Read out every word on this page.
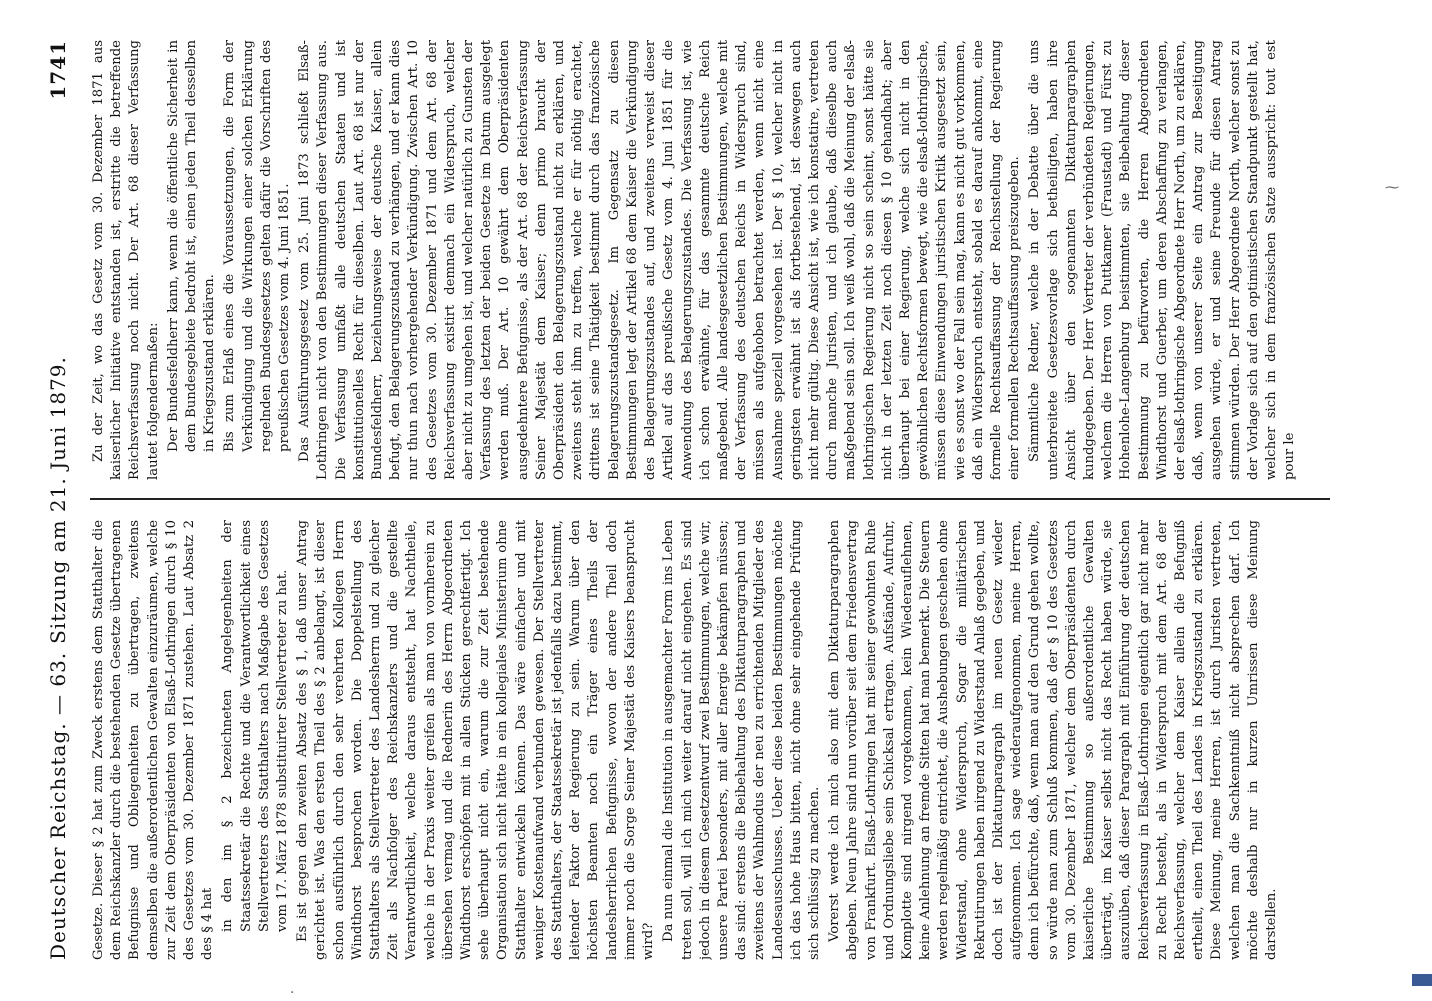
Deutscher Reichstag. — 63.
Sitzung am 21. Juni 1879.
1741

Gesetze. Dieser § 2 hat zum Zweck erstens dem Statthalter die dem Reichskanzler durch die bestehenden Gesetze übertragenen Befugnisse und Obliegenheiten zu übertragen, zweitens demselben die außerordentlichen Gewalten einzuräumen, welche zur Zeit dem Oberpräsidenten von Elsaß-Lothringen durch § 10 des Gesetzes vom 30. Dezember 1871 zustehen. Laut Absatz 2 des § 4 hat in den im § 2 bezeichneten Angelegenheiten der Staatssekretär die Rechte und die Verantwortlichkeit eines Stellvertreters des Statthalters nach Maßgabe des Gesetzes vom 17. März 1878 substituirter Stellvertreter zu hat. Es ist gegen den zweiten Absatz des § 1, daß unser Antrag gerichtet ist. Was den ersten Theil des § 2 anbelangt, ist dieser schon ausführlich durch den sehr verehrten Kollegen Herrn Windthorst besprochen worden. Die Doppelstellung des Statthalters als Stellvertreter des Landesherrn und zu gleicher Zeit als Nachfolger des Reichskanzlers und die gestellte Verantwortlichkeit, welche daraus entsteht, hat Nachtheile, welche in der Praxis weiter greifen als man von vornherein zu übersehen vermag und die Rednerin des Herrn Abgeordneten Windthorst erschöpfen mit in allen Stücken gerechtfertigt. Ich sehe überhaupt nicht ein, warum die zur Zeit bestehende Organisation sich nicht hätte in ein kollegiales Ministerium ohne Statthalter entwickeln können. Das wäre einfacher und mit weniger Kostenaufwand verbunden gewesen. Der Stellvertreter des Statthalters, der Staatssekretär ist jedenfalls dazu bestimmt, leitender Faktor der Regierung zu sein. Warum über den höchsten Beamten noch ein Träger eines Theils der landesherrlichen Befugnisse, wovon der andere Theil doch immer noch die Sorge Seiner Majestät des Kaisers beansprucht wird? Da nun einmal die Institution in ausgemachter Form ins Leben treten soll, will ich mich weiter darauf nicht eingehen. Es sind jedoch in diesem Gesetzentwurf zwei Bestimmungen, welche wir, unsere Partei besonders, mit aller Energie bekämpfen müssen; das sind: erstens die Beibehaltung des Diktaturparagraphen und zweitens der Wahlmodus der neu zu errichtenden Mitglieder des Landesausschusses. Ueber diese beiden Bestimmungen möchte ich das hohe Haus bitten, nicht ohne sehr eingehende Prüfung sich schlüssig zu machen. Vorerst werde ich mich also mit dem Diktaturparagraphen abgeben. Neun Jahre sind nun vorüber seit dem Friedensvertrag von Frankfurt. Elsaß-Lothringen hat mit seiner gewohnten Ruhe und Ordnungsliebe sein Schicksal ertragen. Aufstände, Aufruhr, Komplotte sind nirgend vorgekommen, kein Wiederauflehnen, keine Anlehnung an fremde Sitten hat man bemerkt. Die Steuern werden regelmäßig entrichtet, die Aushebungen geschehen ohne Widerstand, ohne Widerspruch, Sogar die militärischen Rekrutirungen haben nirgend zu Widerstand Anlaß gegeben, und doch ist der Diktaturparagraph im neuen Gesetz wieder aufgenommen. Ich sage wiederaufgenommen, meine Herren, denn ich befürchte, daß, wenn man auf den Grund gehen wollte, so würde man zum Schluß kommen, daß der § 10 des Gesetzes vom 30. Dezember 1871, welcher dem Oberpräsidenten durch kaiserliche Bestimmung so außerordentliche Gewalten überträgt, im Kaiser selbst nicht das Recht haben würde, sie auszuüben, daß dieser Paragraph mit Einführung der deutschen Reichsverfassung in Elsaß-Lothringen eigentlich gar nicht mehr zu Recht besteht, als in Widerspruch mit dem Art. 68 der Reichsverfassung, welcher dem Kaiser allein die Befugniß ertheilt, einen Theil des Landes in Kriegszustand zu erklären. Diese Meinung, meine Herren, ist durch Juristen vertreten, welchen man die Sachkenntniß nicht absprechen darf. Ich möchte deshalb nur in kurzen Umrissen diese Meinung darstellen.

Zu der Zeit, wo das Gesetz vom 30. Dezember 1871 aus kaiserlicher Initiative entstanden ist, erstritte die betreffende Reichsverfassung noch nicht. Der Art. 68 dieser Verfassung lautet folgendermaßen: Der Bundesfeldherr kann, wenn die öffentliche Sicherheit in dem Bundesgebiete bedroht ist, einen jeden Theil desselben in Kriegszustand erklären. Bis zum Erlaß eines die Voraussetzungen, die Form der Verkündigung und die Wirkungen einer solchen Erklärung regelnden Bundesgesetzes gelten dafür die Vorschriften des preußischen Gesetzes vom 4. Juni 1851. Das Ausführungsgesetz vom 25. Juni 1873 schließt Elsaß-Lothringen nicht von den Bestimmungen dieser Verfassung aus. Die Verfassung umfaßt alle deutschen Staaten und ist konstitutionelles Recht für dieselben. Laut Art. 68 ist nur der Bundesfeldherr, beziehungsweise der deutsche Kaiser, allein befugt, den Belagerungszustand zu verhängen, und er kann dies nur thun nach vorhergehender Verkündigung. Zwischen Art. 10 des Gesetzes vom 30. Dezember 1871 und dem Art. 68 der Reichsverfassung existirt demnach ein Widerspruch, welcher aber nicht zu umgehen ist, und welcher natürlich zu Gunsten der Verfassung des letzten der beiden Gesetze im Datum ausgelegt werden muß. Der Art. 10 gewährt dem Oberpräsidenten ausgedehntere Befugnisse, als der Art. 68 der Reichsverfassung Seiner Majestät dem Kaiser; denn primo braucht der Oberpräsident den Belagerungszustand nicht zu erklären, und zweitens steht ihm zu treffen, welche er für nöthig erachtet, drittens ist seine Thätigkeit bestimmt durch das französische Belagerungszustandsgesetz. Im Gegensatz zu diesen Bestimmungen legt der Artikel 68 dem Kaiser die Verkündigung des Belagerungszustandes auf, und zweitens verweist dieser Artikel auf das preußische Gesetz vom 4. Juni 1851 für die Anwendung des Belagerungszustandes. Die Verfassung ist, wie ich schon erwähnte, für das gesammte deutsche Reich maßgebend. Alle landesgesetzlichen Bestimmungen, welche mit der Verfassung des deutschen Reichs in Widerspruch sind, müssen als aufgehoben betrachtet werden, wenn nicht eine Ausnahme speziell vorgesehen ist. Der § 10, welcher nicht in geringsten erwähnt ist als fortbestehend, ist deswegen auch nicht mehr gültig. Diese Ansicht ist, wie ich konstatire, vertreten durch manche Juristen, und ich glaube, daß dieselbe auch maßgebend sein soll. Ich weiß wohl, daß die Meinung der elsaß-lothringischen Regierung nicht so sein scheint, sonst hätte sie nicht in der letzten Zeit noch diesen § 10 gehandhabt; aber überhaupt bei einer Regierung, welche sich nicht in den gewöhnlichen Rechtsformen bewegt, wie die elsaß-lothringische, müssen diese Einwendungen juristischen Kritik ausgesetzt sein, wie es sonst wo der Fall sein mag, kann es nicht gut vorkommen, daß ein Widerspruch entsteht, sobald es darauf ankommt, eine formelle Rechtsauffassung der Reichsstellung der Regierung einer formellen Rechtsauffassung preiszugeben. Sämmtliche Redner, welche in der Debatte über die uns unterbreitete Gesetzesvorlage sich betheiligten, haben ihre Ansicht über den sogenannten Diktaturparagraphen kundgegeben. Der Herr Vertreter der verbündeten Regierungen, welchem die Herren von Puttkamer (Fraustadt) und Fürst zu Hohenlohe-Langenburg beistimmten, sie Beibehaltung dieser Bestimmung zu befürworten, die Herren Abgeordneten Windthorst und Guerber, um deren Abschaffung zu verlangen, der elsaß-lothringische Abgeordnete Herr North, um zu erklären, daß, wenn von unserer Seite ein Antrag zur Beseitigung ausgehen würde, er und seine Freunde für diesen Antrag stimmen würden. Der Herr Abgeordnete North, welcher sonst zu der Vorlage sich auf den optimistischen Standpunkt gestellt hat, welcher sich in dem französischen Satze ausspricht: tout est pour le

⁓
·
